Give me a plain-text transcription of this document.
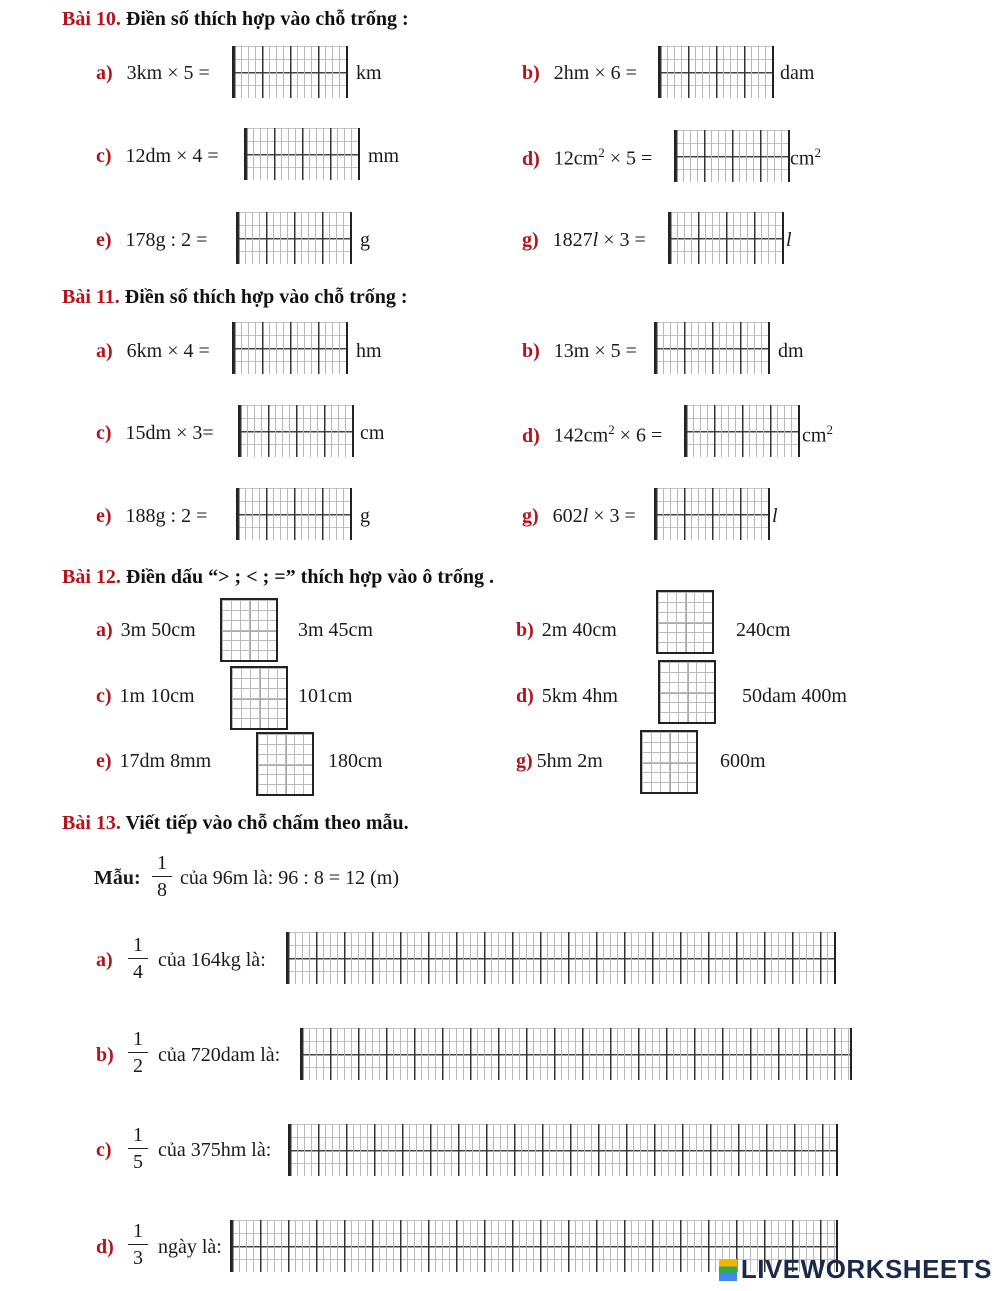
Bài 10. Điền số thích hợp vào chỗ trống :
a) 3km × 5 =	km	b) 2hm × 6 =	dam
c) 12dm × 4 =	mm	d) $12cm^2 \times 5$ =	$cm^2$
e) 178g : 2 =	g	g) 1827l × 3 =	l
Bài 11. Điền số thích hợp vào chỗ trống :
a) 6km × 4 =	hm	b) 13m × 5 =	dm
c) 15dm × 3=	cm	d) $142cm^2 \times 6$ =	$cm^2$
e) 188g : 2 =	g	g) 602l × 3 =	l
Bài 12. Điền dấu “> ; < ; =” thích hợp vào ô trống .
a) 3m 50cm	3m 45cm	b) 2m 40cm	240cm
c) 1m 10cm	101cm	d) 5km 4hm	50dam 400m
e) 17dm 8mm	180cm	g) 5hm 2m	600m
Bài 13. Viết tiếp vào chỗ chấm theo mẫu.
Mẫu:
1
8
của 96m là: 96 : 8 = 12 (m)
a)
1
4
của 164kg là:
b)
1
2 của 720dam là:
c)
1
5
của 375hm là:
d)
1
3 ngày là:
LIVEWORKSHEETS
